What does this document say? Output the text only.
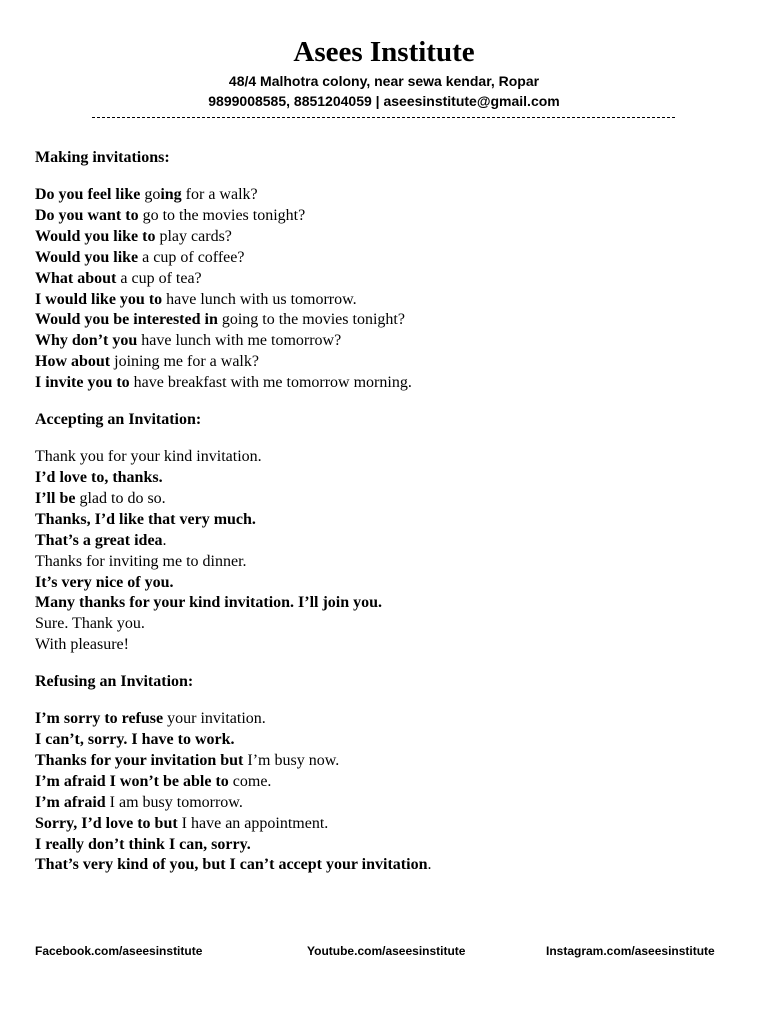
Asees Institute
48/4 Malhotra colony, near sewa kendar, Ropar
9899008585, 8851204059 | aseesinstitute@gmail.com
Making invitations:
Do you feel like going for a walk?
Do you want to go to the movies tonight?
Would you like to play cards?
Would you like a cup of coffee?
What about a cup of tea?
I would like you to have lunch with us tomorrow.
Would you be interested in going to the movies tonight?
Why don’t you have lunch with me tomorrow?
How about joining me for a walk?
I invite you to have breakfast with me tomorrow morning.
Accepting an Invitation:
Thank you for your kind invitation.
I’d love to, thanks.
I’ll be glad to do so.
Thanks, I’d like that very much.
That’s a great idea.
Thanks for inviting me to dinner.
It’s very nice of you.
Many thanks for your kind invitation. I’ll join you.
Sure. Thank you.
With pleasure!
Refusing an Invitation:
I’m sorry to refuse your invitation.
I can’t, sorry. I have to work.
Thanks for your invitation but I’m busy now.
I’m afraid I won’t be able to come.
I’m afraid I am busy tomorrow.
Sorry, I’d love to but I have an appointment.
I really don’t think I can, sorry.
That’s very kind of you, but I can’t accept your invitation.
Facebook.com/aseesinstitute	Youtube.com/aseesinstitute	Instagram.com/aseesinstitute
